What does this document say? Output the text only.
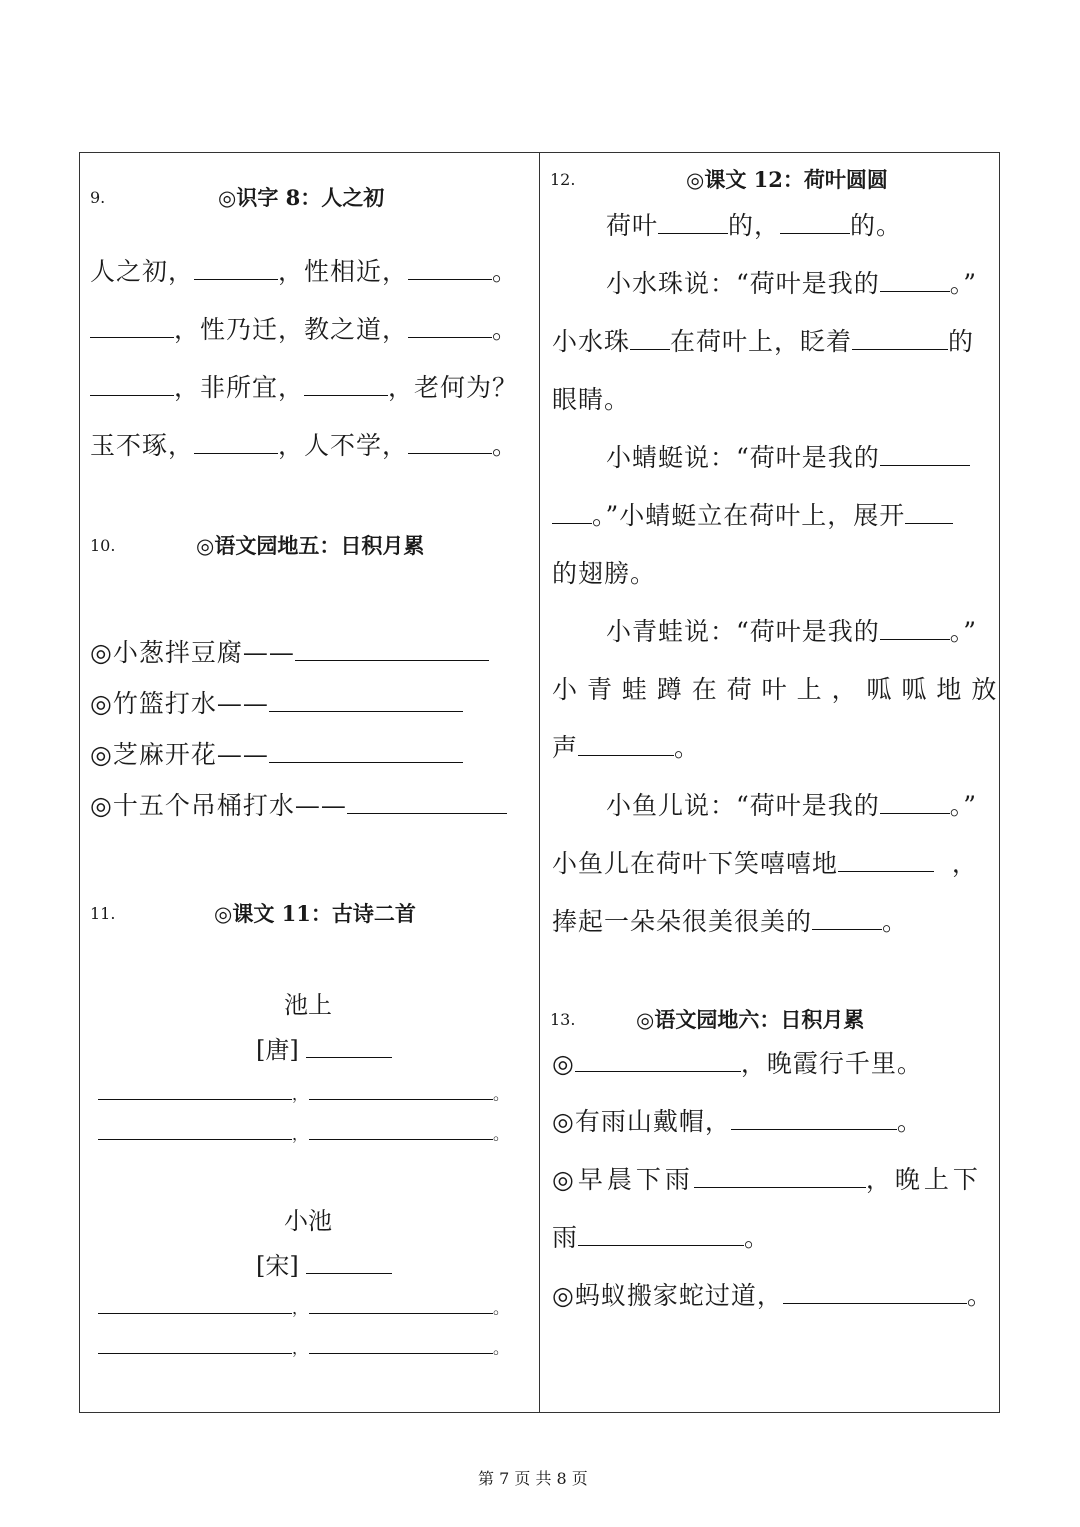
9.	◎识字 8：人之初
人之初，	，性相近，	。
，性乃迁，教之道，	。
，非所宜，	，老何为？
玉不琢，	，人不学，	。
10.	◎语文园地五：日积月累
◎小葱拌豆腐——
◎竹篮打水——
◎芝麻开花——
◎十五个吊桶打水——
11.	◎课文 11：古诗二首
池上
[唐]
，	。
，	。
小池
[宋]
，	。
，	。
12.	◎课文 12：荷叶圆圆
荷叶	的，	的。
小水珠说：“荷叶是我的	。”
小水珠 在荷叶上，眨着	的
眼睛。
小蜻蜓说：“荷叶是我的
。”小蜻蜓立在荷叶上，展开
的翅膀。
小青蛙说：“荷叶是我的	。”
小 青 蛙 蹲 在 荷 叶 上 ， 呱 呱 地 放
声	。
小鱼儿说：“荷叶是我的	。”
小鱼儿在荷叶下笑嘻嘻地	，
捧起一朵朵很美很美的	。
13.	◎语文园地六：日积月累
◎	，晚霞行千里。
◎有雨山戴帽，	。
◎早晨下雨	，晚上下
雨	。
◎蚂蚁搬家蛇过道，	。
第 7 页 共 8 页
